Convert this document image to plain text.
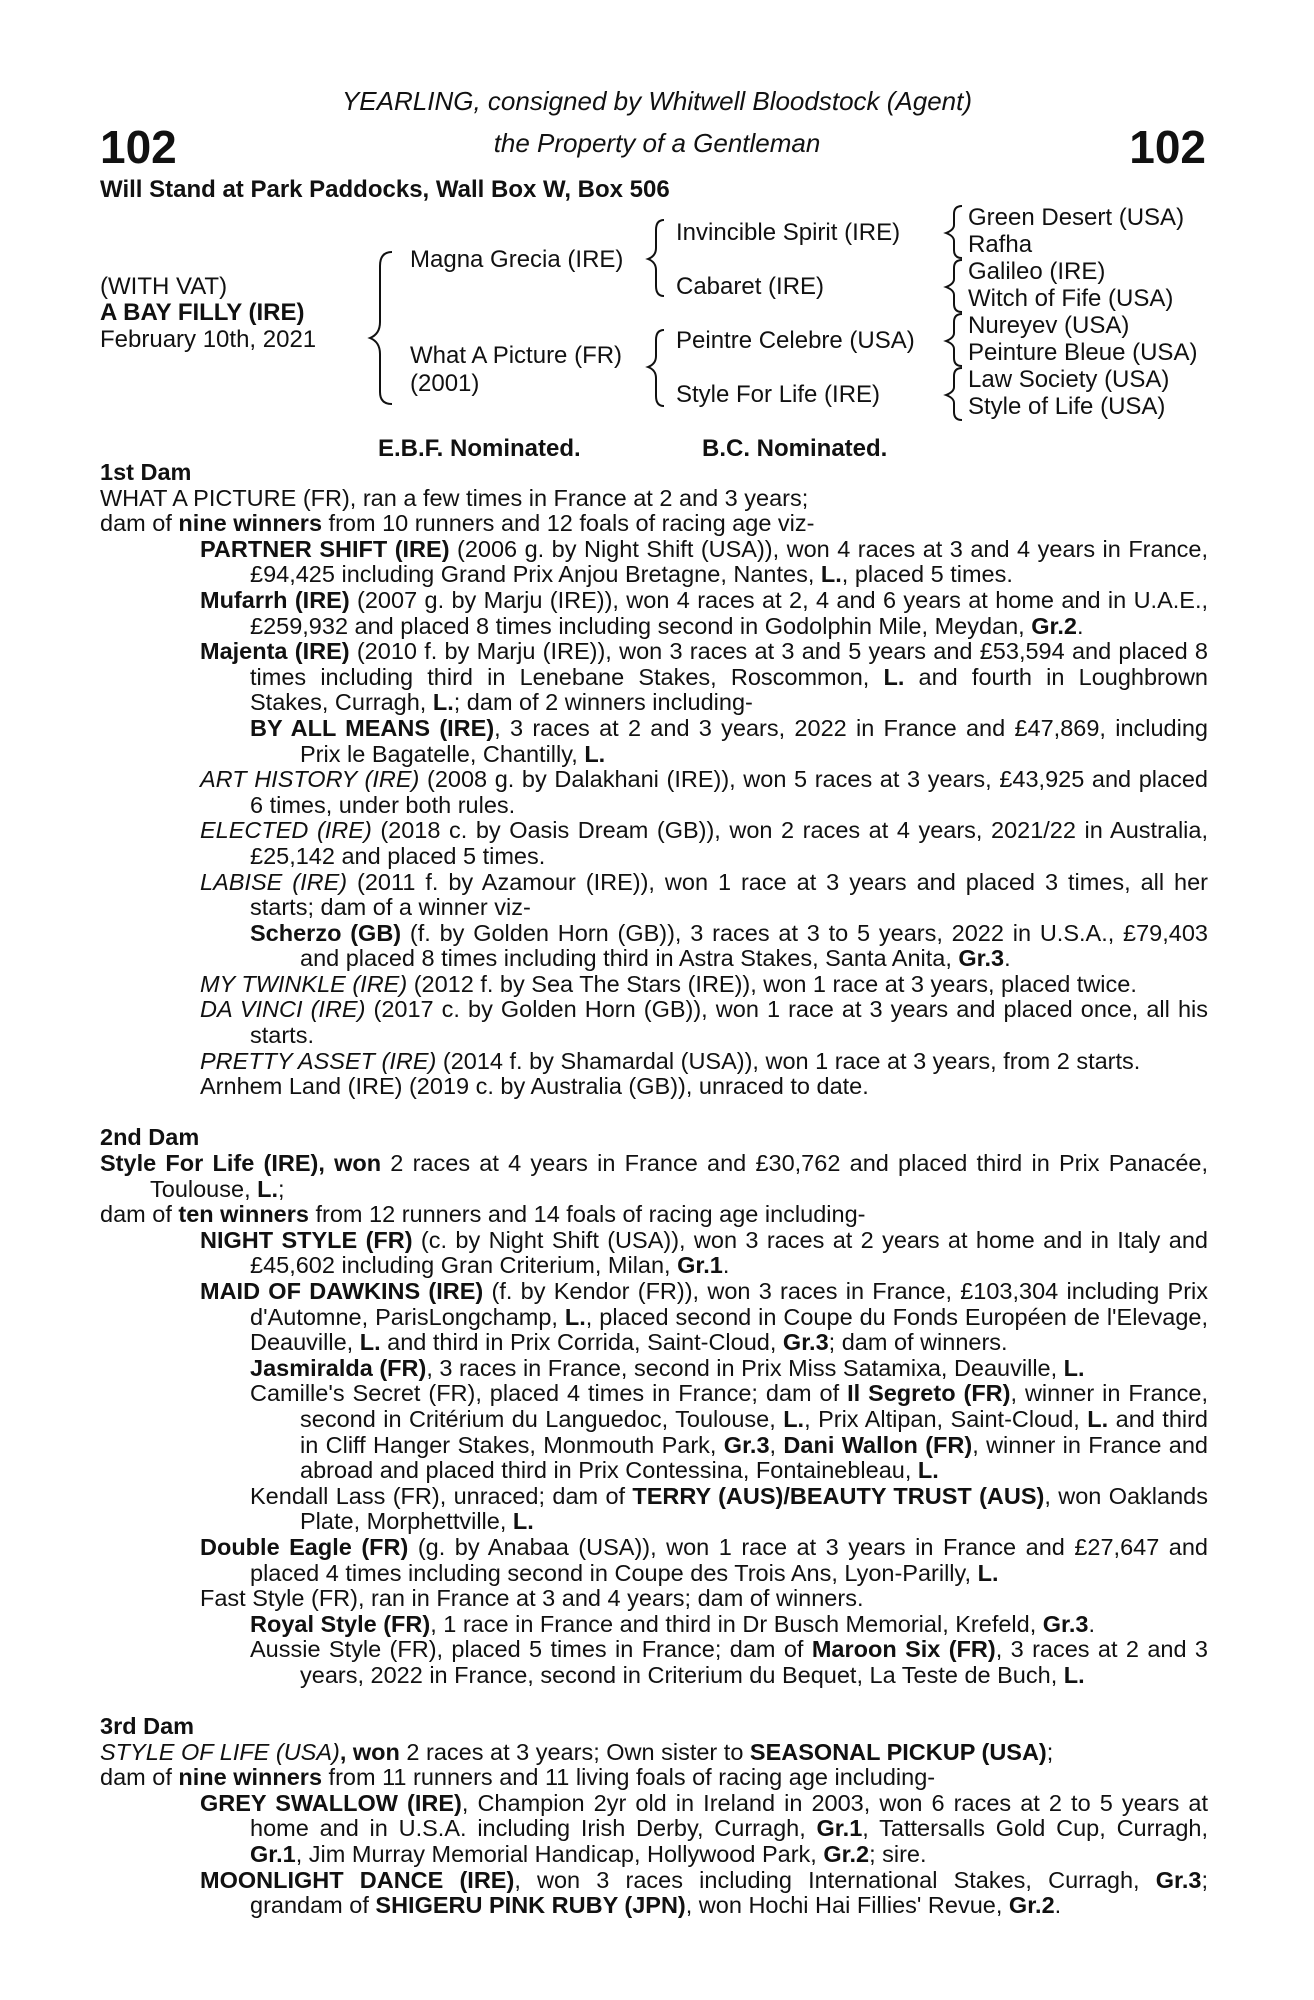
102	102
YEARLING, consigned by Whitwell Bloodstock (Agent)
the Property of a Gentleman
Will Stand at Park Paddocks, Wall Box W, Box 506
(WITH VAT)
A BAY FILLY (IRE)
February 10th, 2021
Magna Grecia (IRE)
What A Picture (FR)
(2001)
Invincible Spirit (IRE)
Cabaret (IRE)
Peintre Celebre (USA)
Style For Life (IRE)
Green Desert (USA)
Rafha
Galileo (IRE)
Witch of Fife (USA)
Nureyev (USA)
Peinture Bleue (USA)
Law Society (USA)
Style of Life (USA)
E.B.F. Nominated.	B.C. Nominated.

1st Dam

WHAT A PICTURE (FR), ran a few times in France at 2 and 3 years;

dam of nine winners from 10 runners and 12 foals of racing age viz-

PARTNER SHIFT (IRE) (2006 g. by Night Shift (USA)), won 4 races at 3 and 4 years in France, £94,425 including Grand Prix Anjou Bretagne, Nantes, L., placed 5 times.

Mufarrh (IRE) (2007 g. by Marju (IRE)), won 4 races at 2, 4 and 6 years at home and in U.A.E., £259,932 and placed 8 times including second in Godolphin Mile, Meydan, Gr.2.

Majenta (IRE) (2010 f. by Marju (IRE)), won 3 races at 3 and 5 years and £53,594 and placed 8 times including third in Lenebane Stakes, Roscommon, L. and fourth in Loughbrown Stakes, Curragh, L.; dam of 2 winners including-

BY ALL MEANS (IRE), 3 races at 2 and 3 years, 2022 in France and £47,869, including Prix le Bagatelle, Chantilly, L.

ART HISTORY (IRE) (2008 g. by Dalakhani (IRE)), won 5 races at 3 years, £43,925 and placed 6 times, under both rules.

ELECTED (IRE) (2018 c. by Oasis Dream (GB)), won 2 races at 4 years, 2021/22 in Australia, £25,142 and placed 5 times.

LABISE (IRE) (2011 f. by Azamour (IRE)), won 1 race at 3 years and placed 3 times, all her starts; dam of a winner viz-

Scherzo (GB) (f. by Golden Horn (GB)), 3 races at 3 to 5 years, 2022 in U.S.A., £79,403 and placed 8 times including third in Astra Stakes, Santa Anita, Gr.3.

MY TWINKLE (IRE) (2012 f. by Sea The Stars (IRE)), won 1 race at 3 years, placed twice.

DA VINCI (IRE) (2017 c. by Golden Horn (GB)), won 1 race at 3 years and placed once, all his starts.

PRETTY ASSET (IRE) (2014 f. by Shamardal (USA)), won 1 race at 3 years, from 2 starts.

Arnhem Land (IRE) (2019 c. by Australia (GB)), unraced to date.

2nd Dam

Style For Life (IRE), won 2 races at 4 years in France and £30,762 and placed third in Prix Panacée, Toulouse, L.;

dam of ten winners from 12 runners and 14 foals of racing age including-

NIGHT STYLE (FR) (c. by Night Shift (USA)), won 3 races at 2 years at home and in Italy and £45,602 including Gran Criterium, Milan, Gr.1.

MAID OF DAWKINS (IRE) (f. by Kendor (FR)), won 3 races in France, £103,304 including Prix d'Automne, ParisLongchamp, L., placed second in Coupe du Fonds Européen de l'Elevage, Deauville, L. and third in Prix Corrida, Saint-Cloud, Gr.3; dam of winners.

Jasmiralda (FR), 3 races in France, second in Prix Miss Satamixa, Deauville, L.

Camille's Secret (FR), placed 4 times in France; dam of Il Segreto (FR), winner in France, second in Critérium du Languedoc, Toulouse, L., Prix Altipan, Saint-Cloud, L. and third in Cliff Hanger Stakes, Monmouth Park, Gr.3, Dani Wallon (FR), winner in France and abroad and placed third in Prix Contessina, Fontainebleau, L.

Kendall Lass (FR), unraced; dam of TERRY (AUS)/BEAUTY TRUST (AUS), won Oaklands Plate, Morphettville, L.

Double Eagle (FR) (g. by Anabaa (USA)), won 1 race at 3 years in France and £27,647 and placed 4 times including second in Coupe des Trois Ans, Lyon-Parilly, L.

Fast Style (FR), ran in France at 3 and 4 years; dam of winners.

Royal Style (FR), 1 race in France and third in Dr Busch Memorial, Krefeld, Gr.3.

Aussie Style (FR), placed 5 times in France; dam of Maroon Six (FR), 3 races at 2 and 3 years, 2022 in France, second in Criterium du Bequet, La Teste de Buch, L.

3rd Dam

STYLE OF LIFE (USA), won 2 races at 3 years; Own sister to SEASONAL PICKUP (USA);

dam of nine winners from 11 runners and 11 living foals of racing age including-

GREY SWALLOW (IRE), Champion 2yr old in Ireland in 2003, won 6 races at 2 to 5 years at home and in U.S.A. including Irish Derby, Curragh, Gr.1, Tattersalls Gold Cup, Curragh, Gr.1, Jim Murray Memorial Handicap, Hollywood Park, Gr.2; sire.

MOONLIGHT DANCE (IRE), won 3 races including International Stakes, Curragh, Gr.3; grandam of SHIGERU PINK RUBY (JPN), won Hochi Hai Fillies' Revue, Gr.2.
